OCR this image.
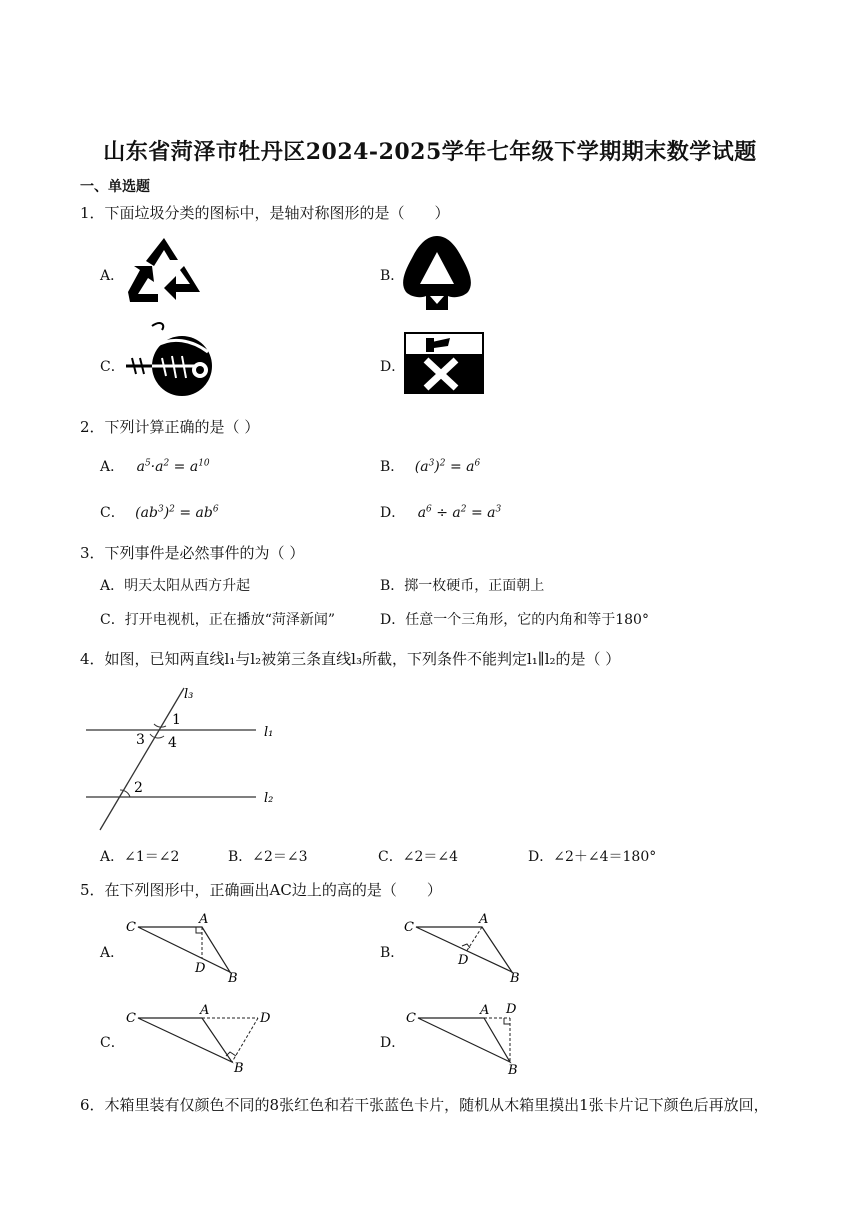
山东省菏泽市牡丹区2024-2025学年七年级下学期期末数学试题
一、单选题
1．下面垃圾分类的图标中，是轴对称图形的是（　　）
A．	B．
C．	D．
2．下列计算正确的是（ ）
A． $a^5\cdot a^2 = a^{10}$	B． $(a^3)^2 = a^6$
C． $(ab^3)^2 = ab^6$	D． $a^6 \div a^2 = a^3$
3．下列事件是必然事件的为（ ）
A．明天太阳从西方升起	B．掷一枚硬币，正面朝上
C．打开电视机，正在播放“菏泽新闻”	D．任意一个三角形，它的内角和等于180°
4．如图，已知两直线l₁与l₂被第三条直线l₃所截，下列条件不能判定l₁∥l₂的是（ ）
l₃
1
3 4
l₁
2
l₂
A．∠1＝∠2	B．∠2＝∠3	C．∠2＝∠4	D．∠2＋∠4＝180°
5．在下列图形中，正确画出AC边上的高的是（　　）
A．
C
A
D
B
B．
C
A
D
B
C．
C
A
D
B
D．
C
A D
B
6．木箱里装有仅颜色不同的8张红色和若干张蓝色卡片，随机从木箱里摸出1张卡片记下颜色后再放回，
